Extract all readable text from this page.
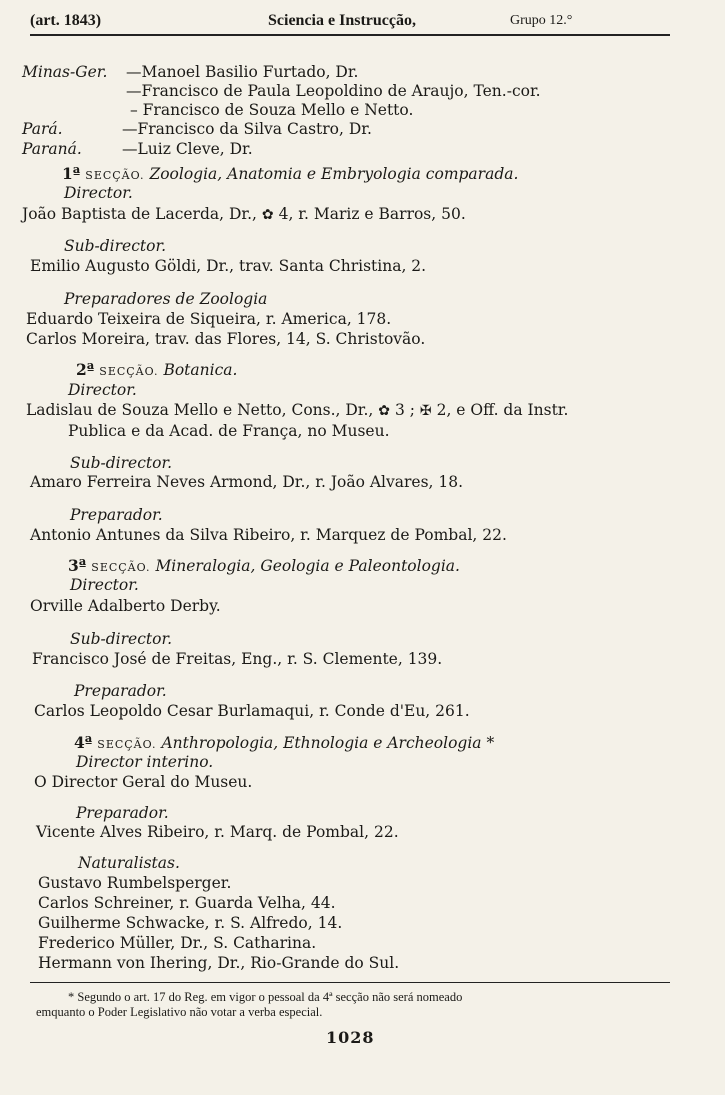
(art. 1843)	Sciencia e Instrucção,	Grupo 12.°
Minas-Ger. —Manoel Basilio Furtado, Dr.
—Francisco de Paula Leopoldino de Araujo, Ten.-cor.
– Francisco de Souza Mello e Netto.
Pará.	—Francisco da Silva Castro, Dr.
Paraná.	—Luiz Cleve, Dr.
1ª SECÇÃO. Zoologia, Anatomia e Embryologia comparada.
Director.
João Baptista de Lacerda, Dr., ✿ 4, r. Mariz e Barros, 50.
Sub-director.
Emilio Augusto Göldi, Dr., trav. Santa Christina, 2.
Preparadores de Zoologia
Eduardo Teixeira de Siqueira, r. America, 178.
Carlos Moreira, trav. das Flores, 14, S. Christovão.
2ª SECÇÃO. Botanica.
Director.
Ladislau de Souza Mello e Netto, Cons., Dr., ✿ 3 ; ✠ 2, e Off. da Instr.
Publica e da Acad. de França, no Museu.
Sub-director.
Amaro Ferreira Neves Armond, Dr., r. João Alvares, 18.
Preparador.
Antonio Antunes da Silva Ribeiro, r. Marquez de Pombal, 22.
3ª SECÇÃO. Mineralogia, Geologia e Paleontologia.
Director.
Orville Adalberto Derby.
Sub-director.
Francisco José de Freitas, Eng., r. S. Clemente, 139.
Preparador.
Carlos Leopoldo Cesar Burlamaqui, r. Conde d'Eu, 261.
4ª SECÇÃO. Anthropologia, Ethnologia e Archeologia *
Director interino.
O Director Geral do Museu.
Preparador.
Vicente Alves Ribeiro, r. Marq. de Pombal, 22.
Naturalistas.
Gustavo Rumbelsperger.
Carlos Schreiner, r. Guarda Velha, 44.
Guilherme Schwacke, r. S. Alfredo, 14.
Frederico Müller, Dr., S. Catharina.
Hermann von Ihering, Dr., Rio-Grande do Sul.
* Segundo o art. 17 do Reg. em vigor o pessoal da 4ª secção não será nomeado
emquanto o Poder Legislativo não votar a verba especial.
1028
